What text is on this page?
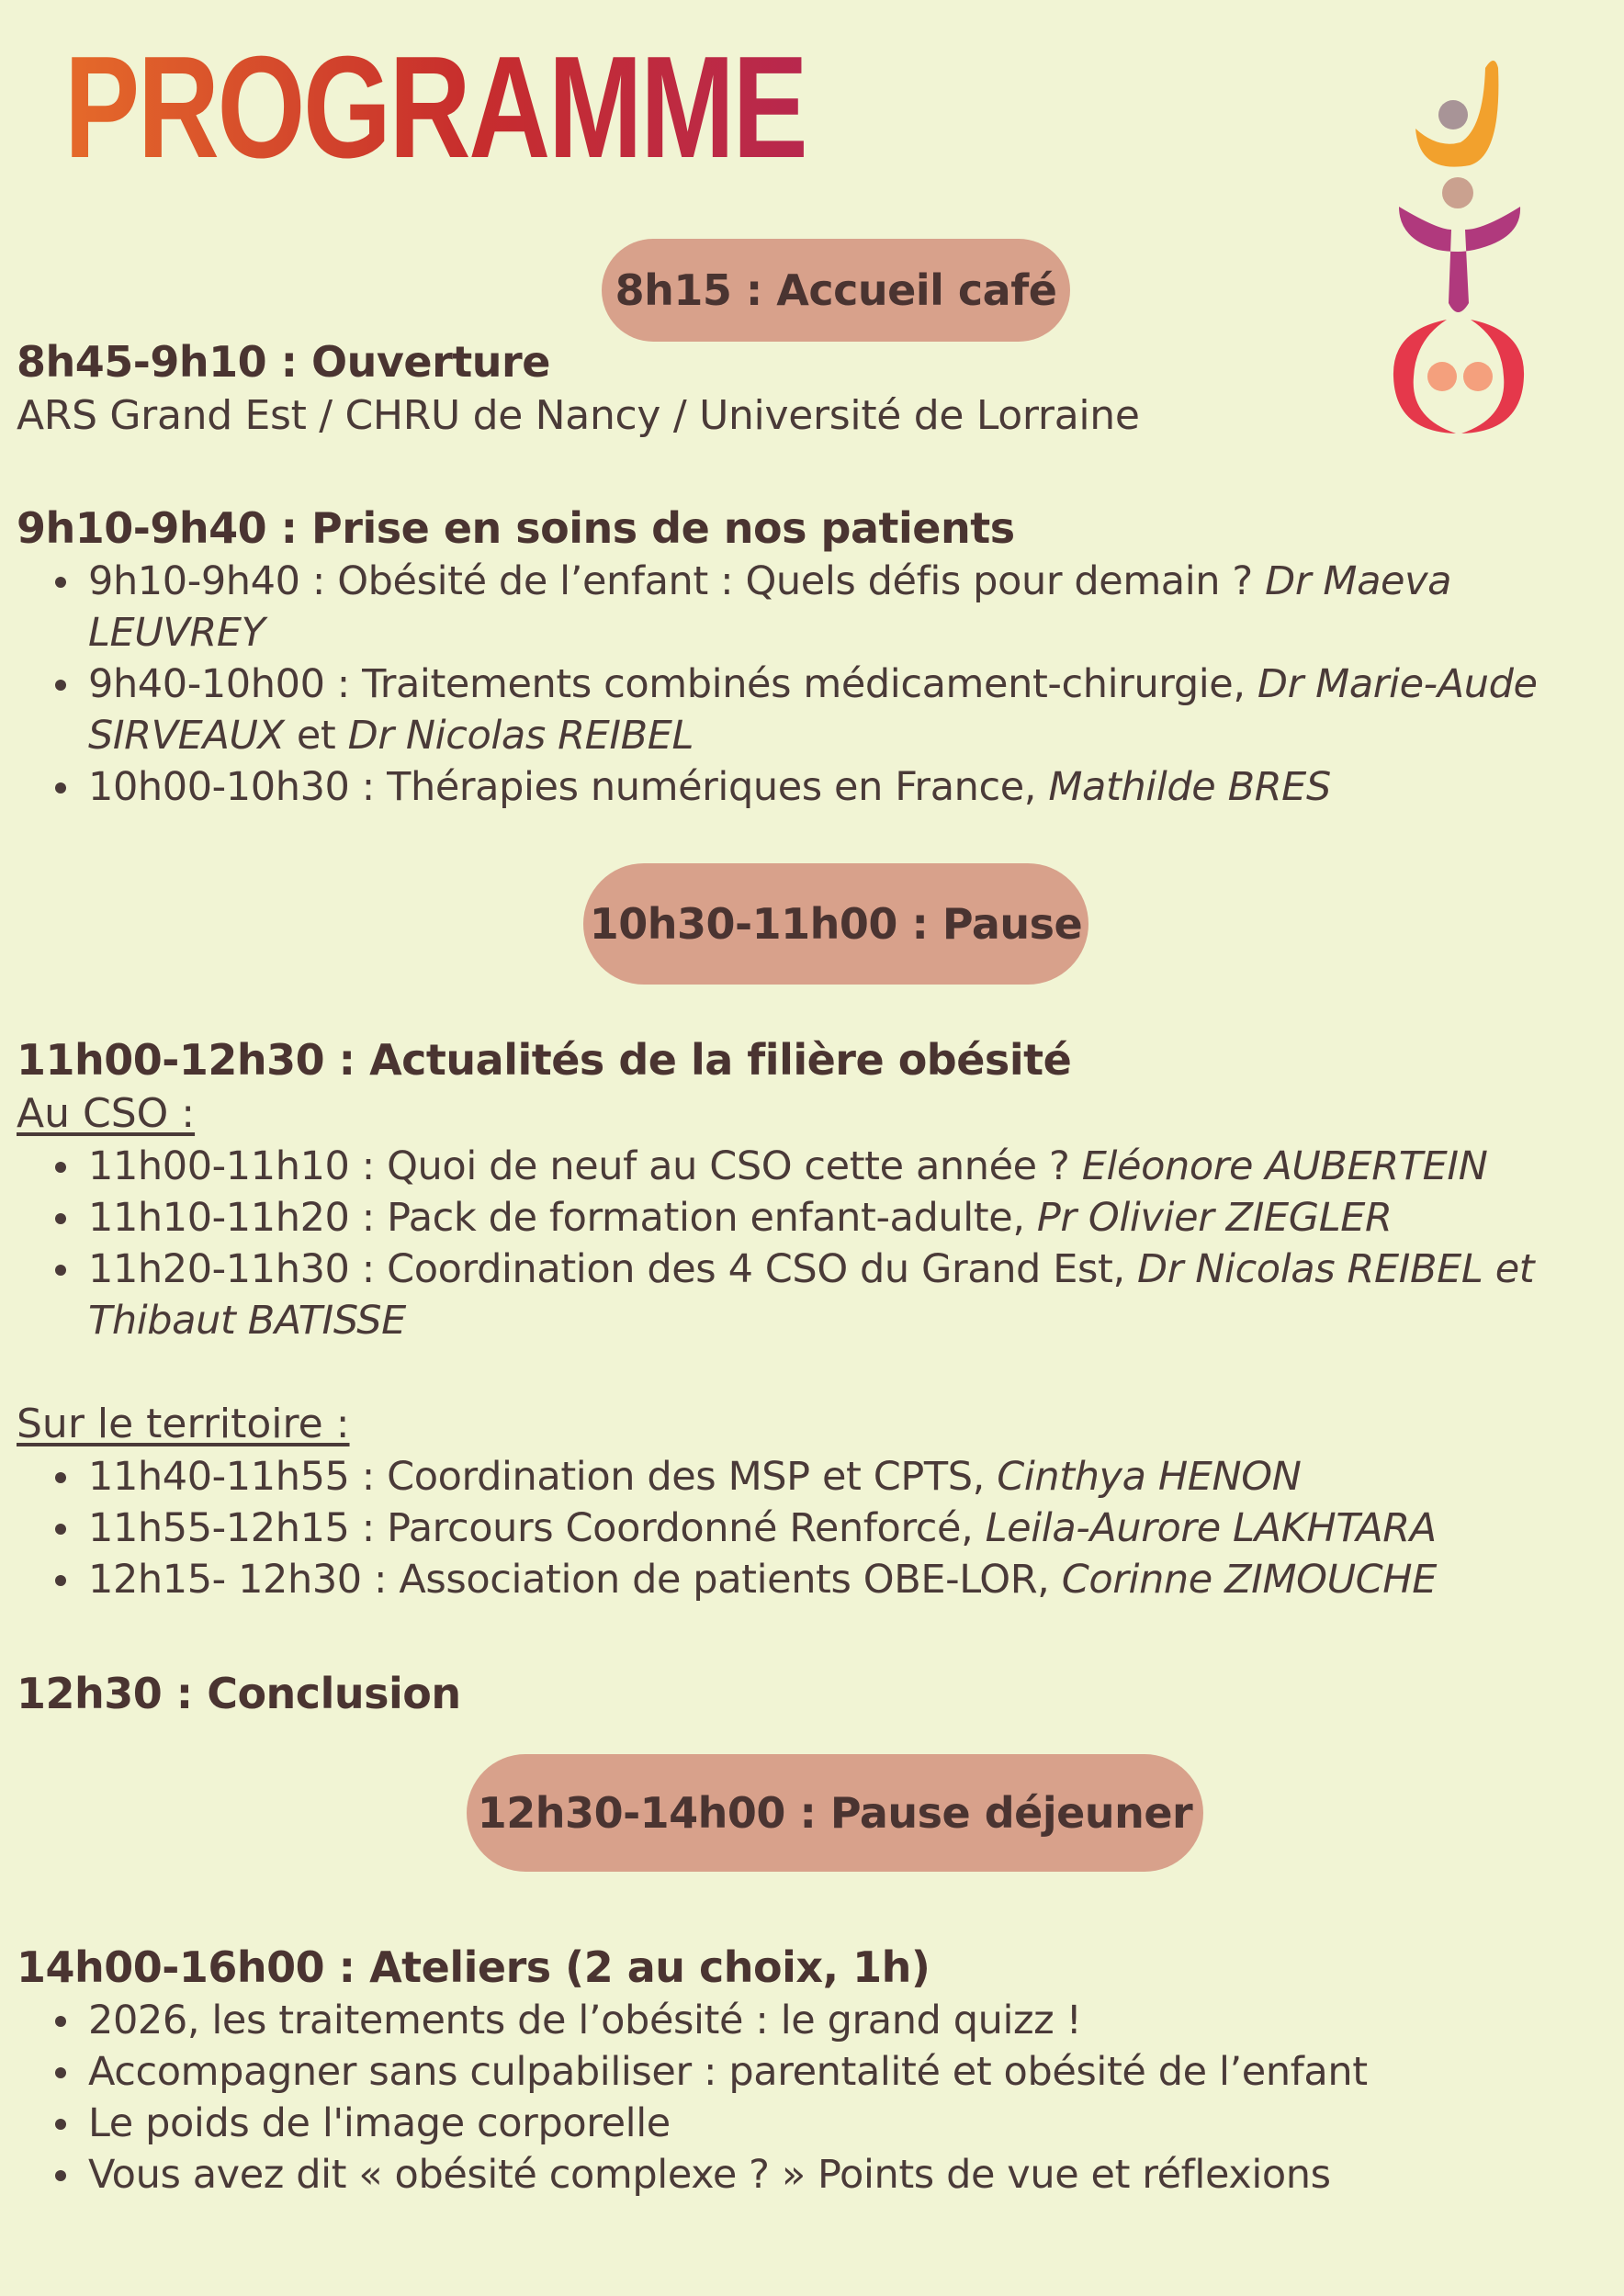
PROGRAMME
8h15 : Accueil café
8h45-9h10 : Ouverture
ARS Grand Est / CHRU de Nancy / Université de Lorraine
9h10-9h40 : Prise en soins de nos patients
9h10-9h40 : Obésité de l’enfant : Quels défis pour demain ? Dr Maeva LEUVREY
9h40-10h00 : Traitements combinés médicament-chirurgie, Dr Marie-Aude SIRVEAUX et Dr Nicolas REIBEL
10h00-10h30 : Thérapies numériques en France, Mathilde BRES
10h30-11h00 : Pause
11h00-12h30 : Actualités de la filière obésité
Au CSO :
11h00-11h10 : Quoi de neuf au CSO cette année ? Eléonore AUBERTEIN
11h10-11h20 : Pack de formation enfant-adulte, Pr Olivier ZIEGLER
11h20-11h30 : Coordination des 4 CSO du Grand Est, Dr Nicolas REIBEL et Thibaut BATISSE
Sur le territoire :
11h40-11h55 : Coordination des MSP et CPTS, Cinthya HENON
11h55-12h15 : Parcours Coordonné Renforcé, Leila-Aurore LAKHTARA
12h15- 12h30 : Association de patients OBE-LOR, Corinne ZIMOUCHE
12h30 : Conclusion
12h30-14h00 : Pause déjeuner
14h00-16h00 : Ateliers (2 au choix, 1h)
2026, les traitements de l’obésité : le grand quizz !
Accompagner sans culpabiliser : parentalité et obésité de l’enfant
Le poids de l'image corporelle
Vous avez dit « obésité complexe ? » Points de vue et réflexions
